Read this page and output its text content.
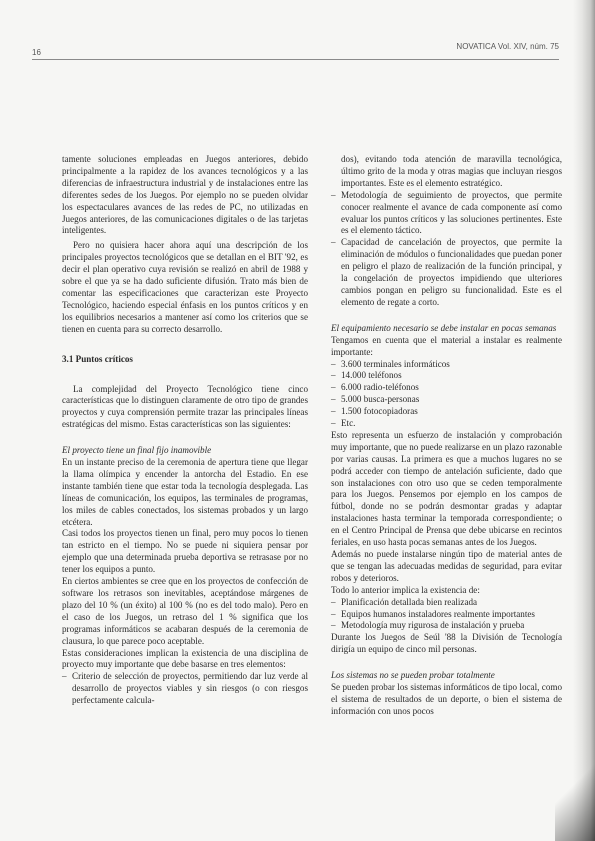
16
NOVATICA Vol. XIV, núm. 75

tamente soluciones empleadas en Juegos anteriores, debido principalmente a la rapidez de los avances tecnológicos y a las diferencias de infraestructura industrial y de instalaciones entre las diferentes sedes de los Juegos. Por ejemplo no se pueden olvidar los espectaculares avances de las redes de PC, no utilizadas en Juegos anteriores, de las comunicaciones digitales o de las tarjetas inteligentes.

Pero no quisiera hacer ahora aquí una descripción de los principales proyectos tecnológicos que se detallan en el BIT '92, es decir el plan operativo cuya revisión se realizó en abril de 1988 y sobre el que ya se ha dado suficiente difusión. Trato más bien de comentar las especificaciones que caracterizan este Proyecto Tecnológico, haciendo especial énfasis en los puntos críticos y en los equilibrios necesarios a mantener así como los criterios que se tienen en cuenta para su correcto desarrollo.

3.1 Puntos críticos

La complejidad del Proyecto Tecnológico tiene cinco características que lo distinguen claramente de otro tipo de grandes proyectos y cuya comprensión permite trazar las principales líneas estratégicas del mismo. Estas características son las siguientes:

El proyecto tiene un final fijo inamovible

En un instante preciso de la ceremonia de apertura tiene que llegar la llama olímpica y encender la antorcha del Estadio. En ese instante también tiene que estar toda la tecnología desplegada. Las líneas de comunicación, los equipos, las terminales de programas, los miles de cables conectados, los sistemas probados y un largo etcétera.

Casi todos los proyectos tienen un final, pero muy pocos lo tienen tan estricto en el tiempo. No se puede ni siquiera pensar por ejemplo que una determinada prueba deportiva se retrasase por no tener los equipos a punto.

En ciertos ambientes se cree que en los proyectos de confección de software los retrasos son inevitables, aceptándose márgenes de plazo del 10 % (un éxito) al 100 % (no es del todo malo). Pero en el caso de los Juegos, un retraso del 1 % significa que los programas informáticos se acabaran después de la ceremonia de clausura, lo que parece poco aceptable.

Estas consideraciones implican la existencia de una disciplina de proyecto muy importante que debe basarse en tres elementos:

– Criterio de selección de proyectos, permitiendo dar luz verde al desarrollo de proyectos viables y sin riesgos (o con riesgos perfectamente calcula-

dos), evitando toda atención de maravilla tecnológica, último grito de la moda y otras magias que incluyan riesgos importantes. Este es el elemento estratégico.

– Metodología de seguimiento de proyectos, que permite conocer realmente el avance de cada componente así como evaluar los puntos críticos y las soluciones pertinentes. Este es el elemento táctico.
– Capacidad de cancelación de proyectos, que permite la eliminación de módulos o funcionalidades que puedan poner en peligro el plazo de realización de la función principal, y la congelación de proyectos impidiendo que ulteriores cambios pongan en peligro su funcionalidad. Este es el elemento de regate a corto.

El equipamiento necesario se debe instalar en pocas semanas

Tengamos en cuenta que el material a instalar es realmente importante:

– 3.600 terminales informáticos
– 14.000 teléfonos
– 6.000 radio-teléfonos
– 5.000 busca-personas
– 1.500 fotocopiadoras
– Etc.

Esto representa un esfuerzo de instalación y comprobación muy importante, que no puede realizarse en un plazo razonable por varias causas. La primera es que a muchos lugares no se podrá acceder con tiempo de antelación suficiente, dado que son instalaciones con otro uso que se ceden temporalmente para los Juegos. Pensemos por ejemplo en los campos de fútbol, donde no se podrán desmontar gradas y adaptar instalaciones hasta terminar la temporada correspondiente; o en el Centro Principal de Prensa que debe ubicarse en recintos feriales, en uso hasta pocas semanas antes de los Juegos.

Además no puede instalarse ningún tipo de material antes de que se tengan las adecuadas medidas de seguridad, para evitar robos y deterioros.

Todo lo anterior implica la existencia de:

– Planificación detallada bien realizada
– Equipos humanos instaladores realmente importantes
– Metodología muy rigurosa de instalación y prueba

Durante los Juegos de Seúl '88 la División de Tecnología dirigía un equipo de cinco mil personas.

Los sistemas no se pueden probar totalmente

Se pueden probar los sistemas informáticos de tipo local, como el sistema de resultados de un deporte, o bien el sistema de información con unos pocos
